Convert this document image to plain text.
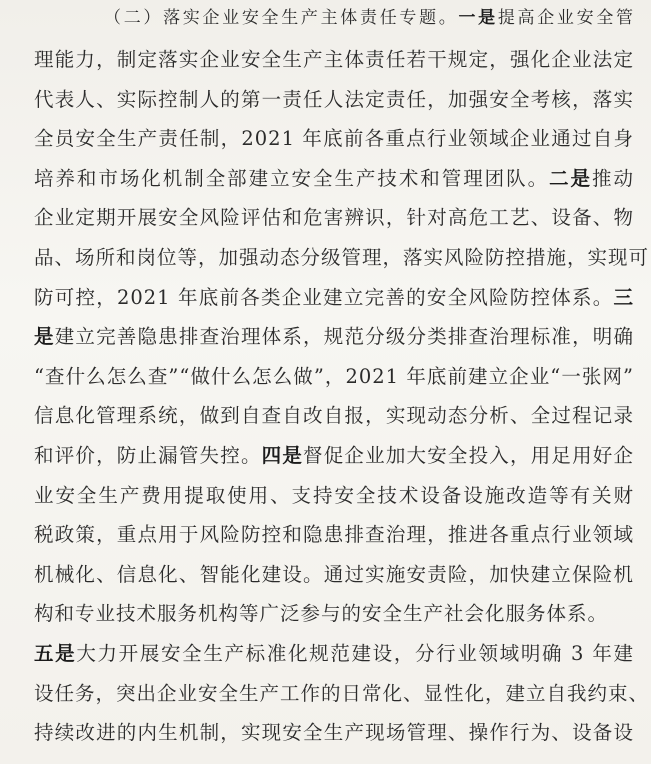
（二）落实企业安全生产主体责任专题。一是提高企业安全管
理能力，制定落实企业安全生产主体责任若干规定，强化企业法定
代表人、实际控制人的第一责任人法定责任，加强安全考核，落实
全员安全生产责任制，2021 年底前各重点行业领域企业通过自身
培养和市场化机制全部建立安全生产技术和管理团队。二是推动
企业定期开展安全风险评估和危害辨识，针对高危工艺、设备、物
品、场所和岗位等，加强动态分级管理，落实风险防控措施，实现可
防可控，2021 年底前各类企业建立完善的安全风险防控体系。三
是建立完善隐患排查治理体系，规范分级分类排查治理标准，明确
“查什么怎么查”“做什么怎么做”，2021 年底前建立企业“一张网”
信息化管理系统，做到自查自改自报，实现动态分析、全过程记录
和评价，防止漏管失控。四是督促企业加大安全投入，用足用好企
业安全生产费用提取使用、支持安全技术设备设施改造等有关财
税政策，重点用于风险防控和隐患排查治理，推进各重点行业领域
机械化、信息化、智能化建设。通过实施安责险，加快建立保险机
构和专业技术服务机构等广泛参与的安全生产社会化服务体系。
五是大力开展安全生产标准化规范建设，分行业领域明确 3 年建
设任务，突出企业安全生产工作的日常化、显性化，建立自我约束、
持续改进的内生机制，实现安全生产现场管理、操作行为、设备设
